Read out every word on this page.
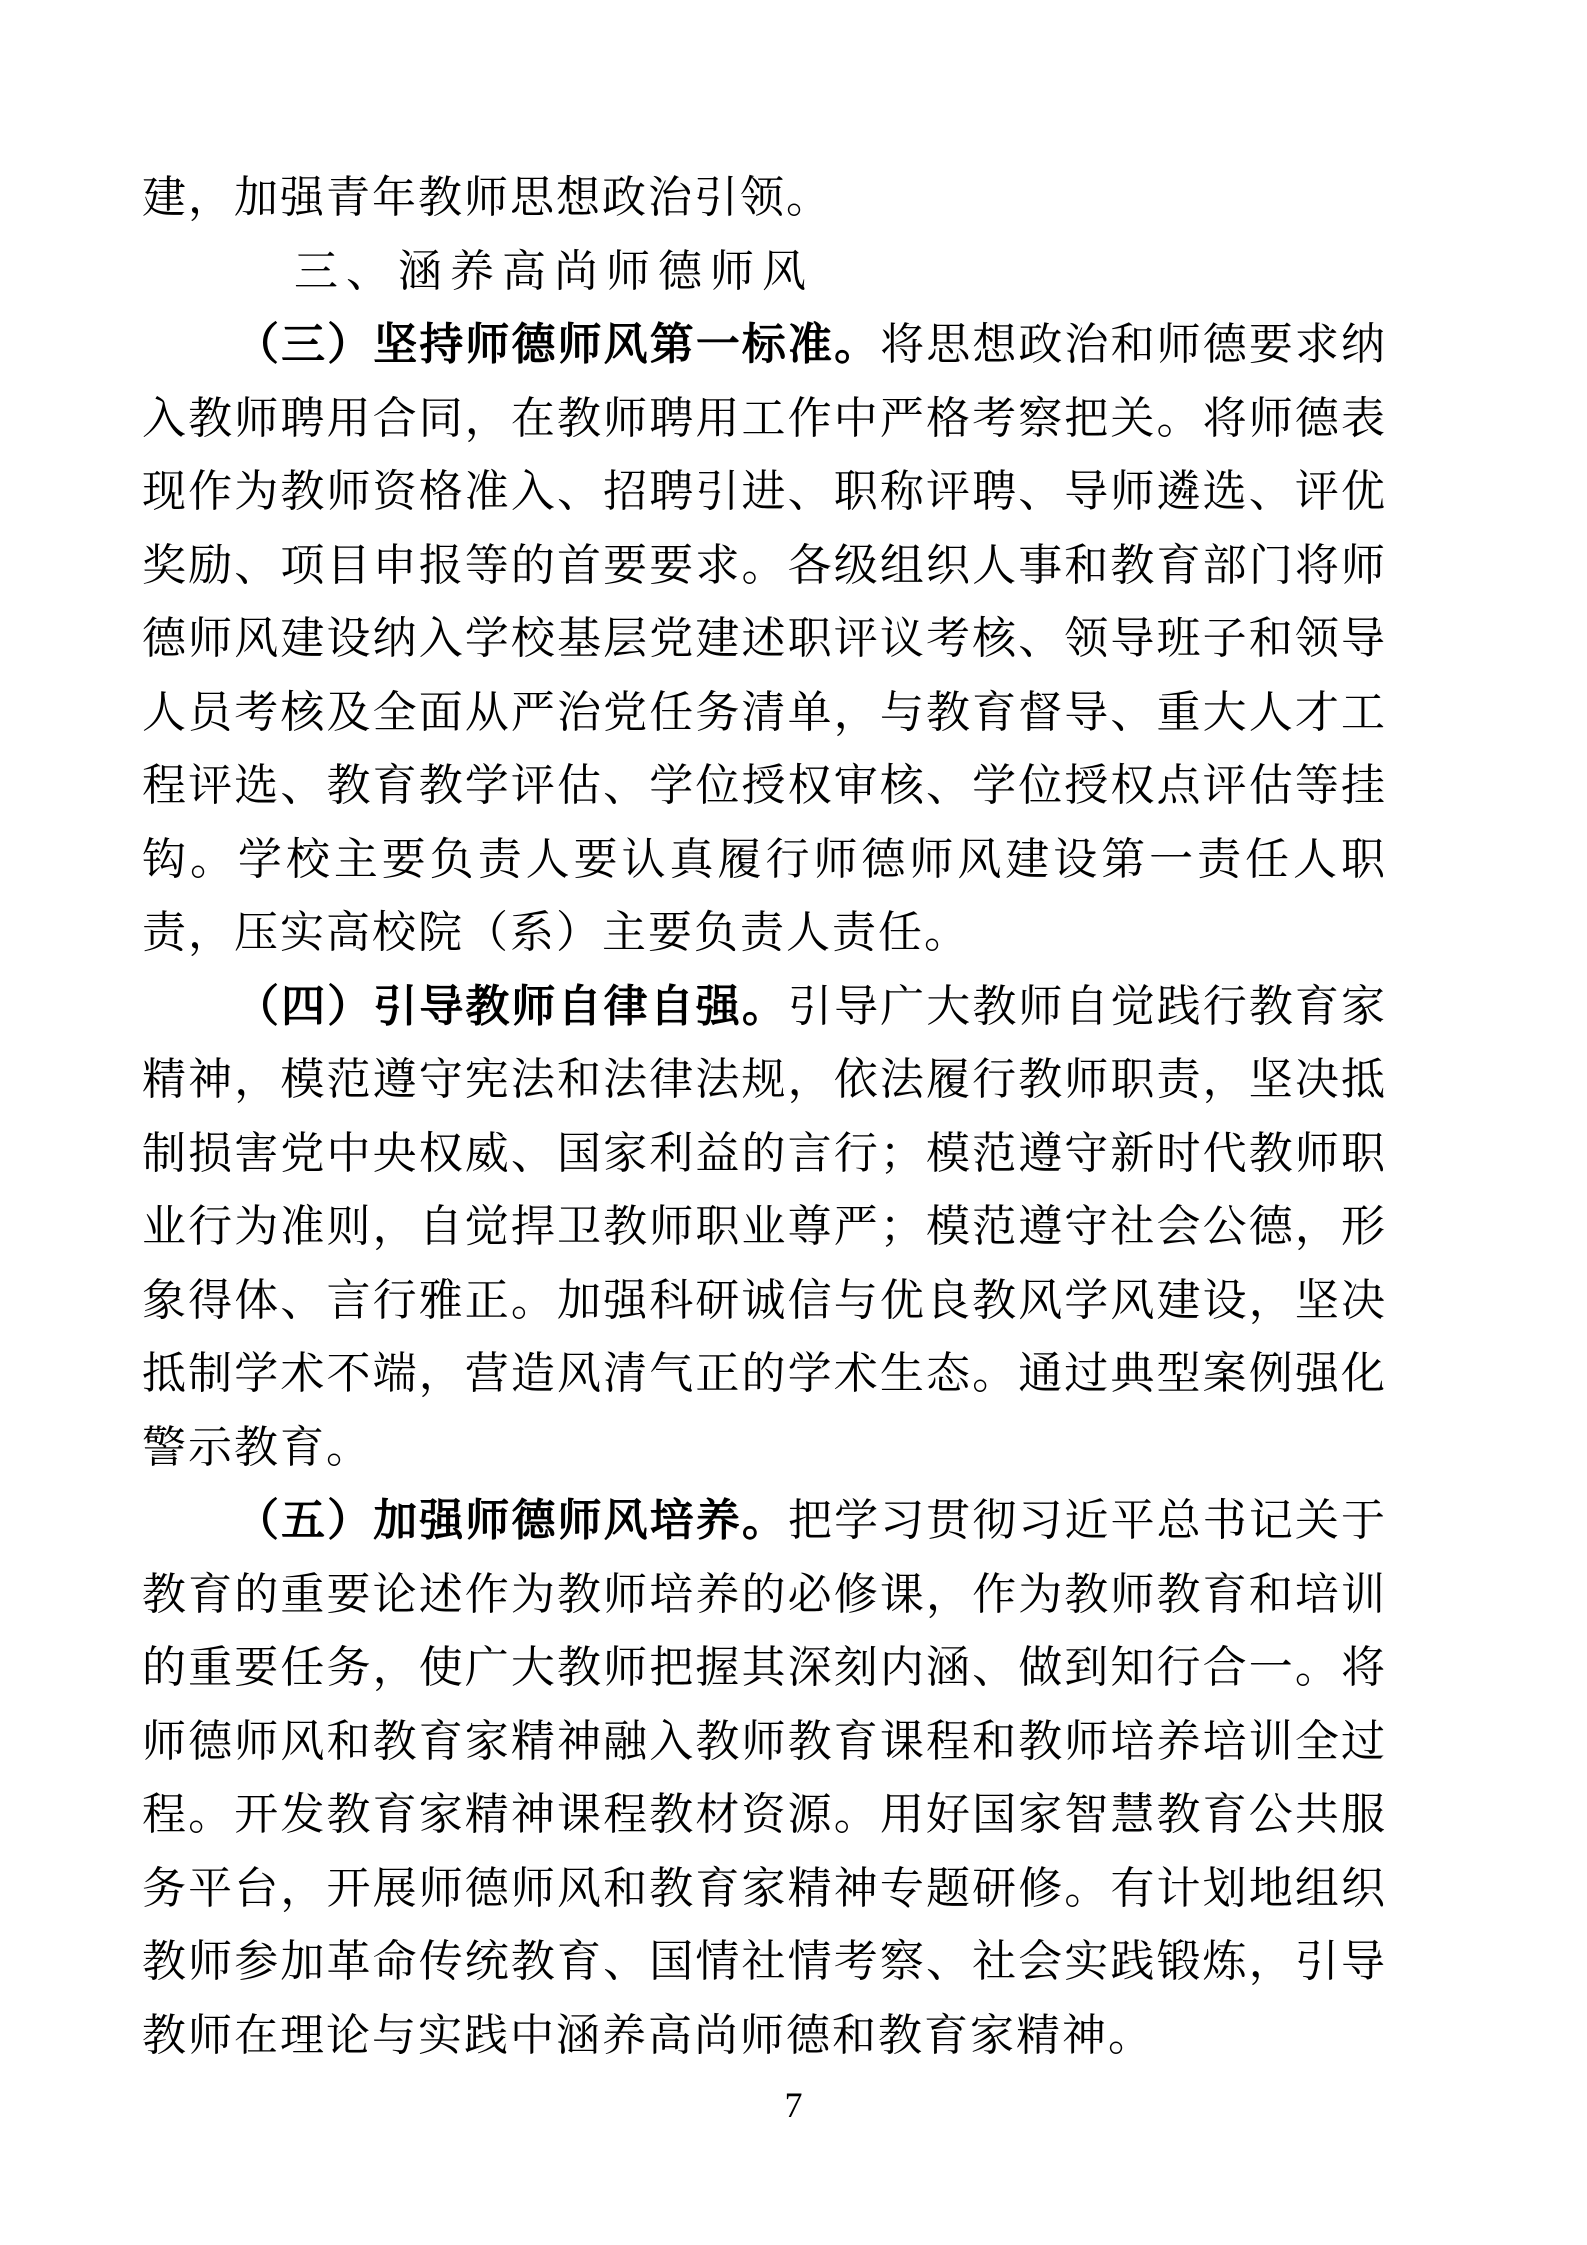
建，加强青年教师思想政治引领。

三、涵养高尚师德师风

（三）坚持师德师风第一标准。将思想政治和师德要求纳入教师聘用合同，在教师聘用工作中严格考察把关。将师德表现作为教师资格准入、招聘引进、职称评聘、导师遴选、评优奖励、项目申报等的首要要求。各级组织人事和教育部门将师德师风建设纳入学校基层党建述职评议考核、领导班子和领导人员考核及全面从严治党任务清单，与教育督导、重大人才工程评选、教育教学评估、学位授权审核、学位授权点评估等挂钩。学校主要负责人要认真履行师德师风建设第一责任人职责，压实高校院（系）主要负责人责任。

（四）引导教师自律自强。引导广大教师自觉践行教育家精神，模范遵守宪法和法律法规，依法履行教师职责，坚决抵制损害党中央权威、国家利益的言行；模范遵守新时代教师职业行为准则，自觉捍卫教师职业尊严；模范遵守社会公德，形象得体、言行雅正。加强科研诚信与优良教风学风建设，坚决抵制学术不端，营造风清气正的学术生态。通过典型案例强化警示教育。

（五）加强师德师风培养。把学习贯彻习近平总书记关于教育的重要论述作为教师培养的必修课，作为教师教育和培训的重要任务，使广大教师把握其深刻内涵、做到知行合一。将师德师风和教育家精神融入教师教育课程和教师培养培训全过程。开发教育家精神课程教材资源。用好国家智慧教育公共服务平台，开展师德师风和教育家精神专题研修。有计划地组织教师参加革命传统教育、国情社情考察、社会实践锻炼，引导教师在理论与实践中涵养高尚师德和教育家精神。

7
